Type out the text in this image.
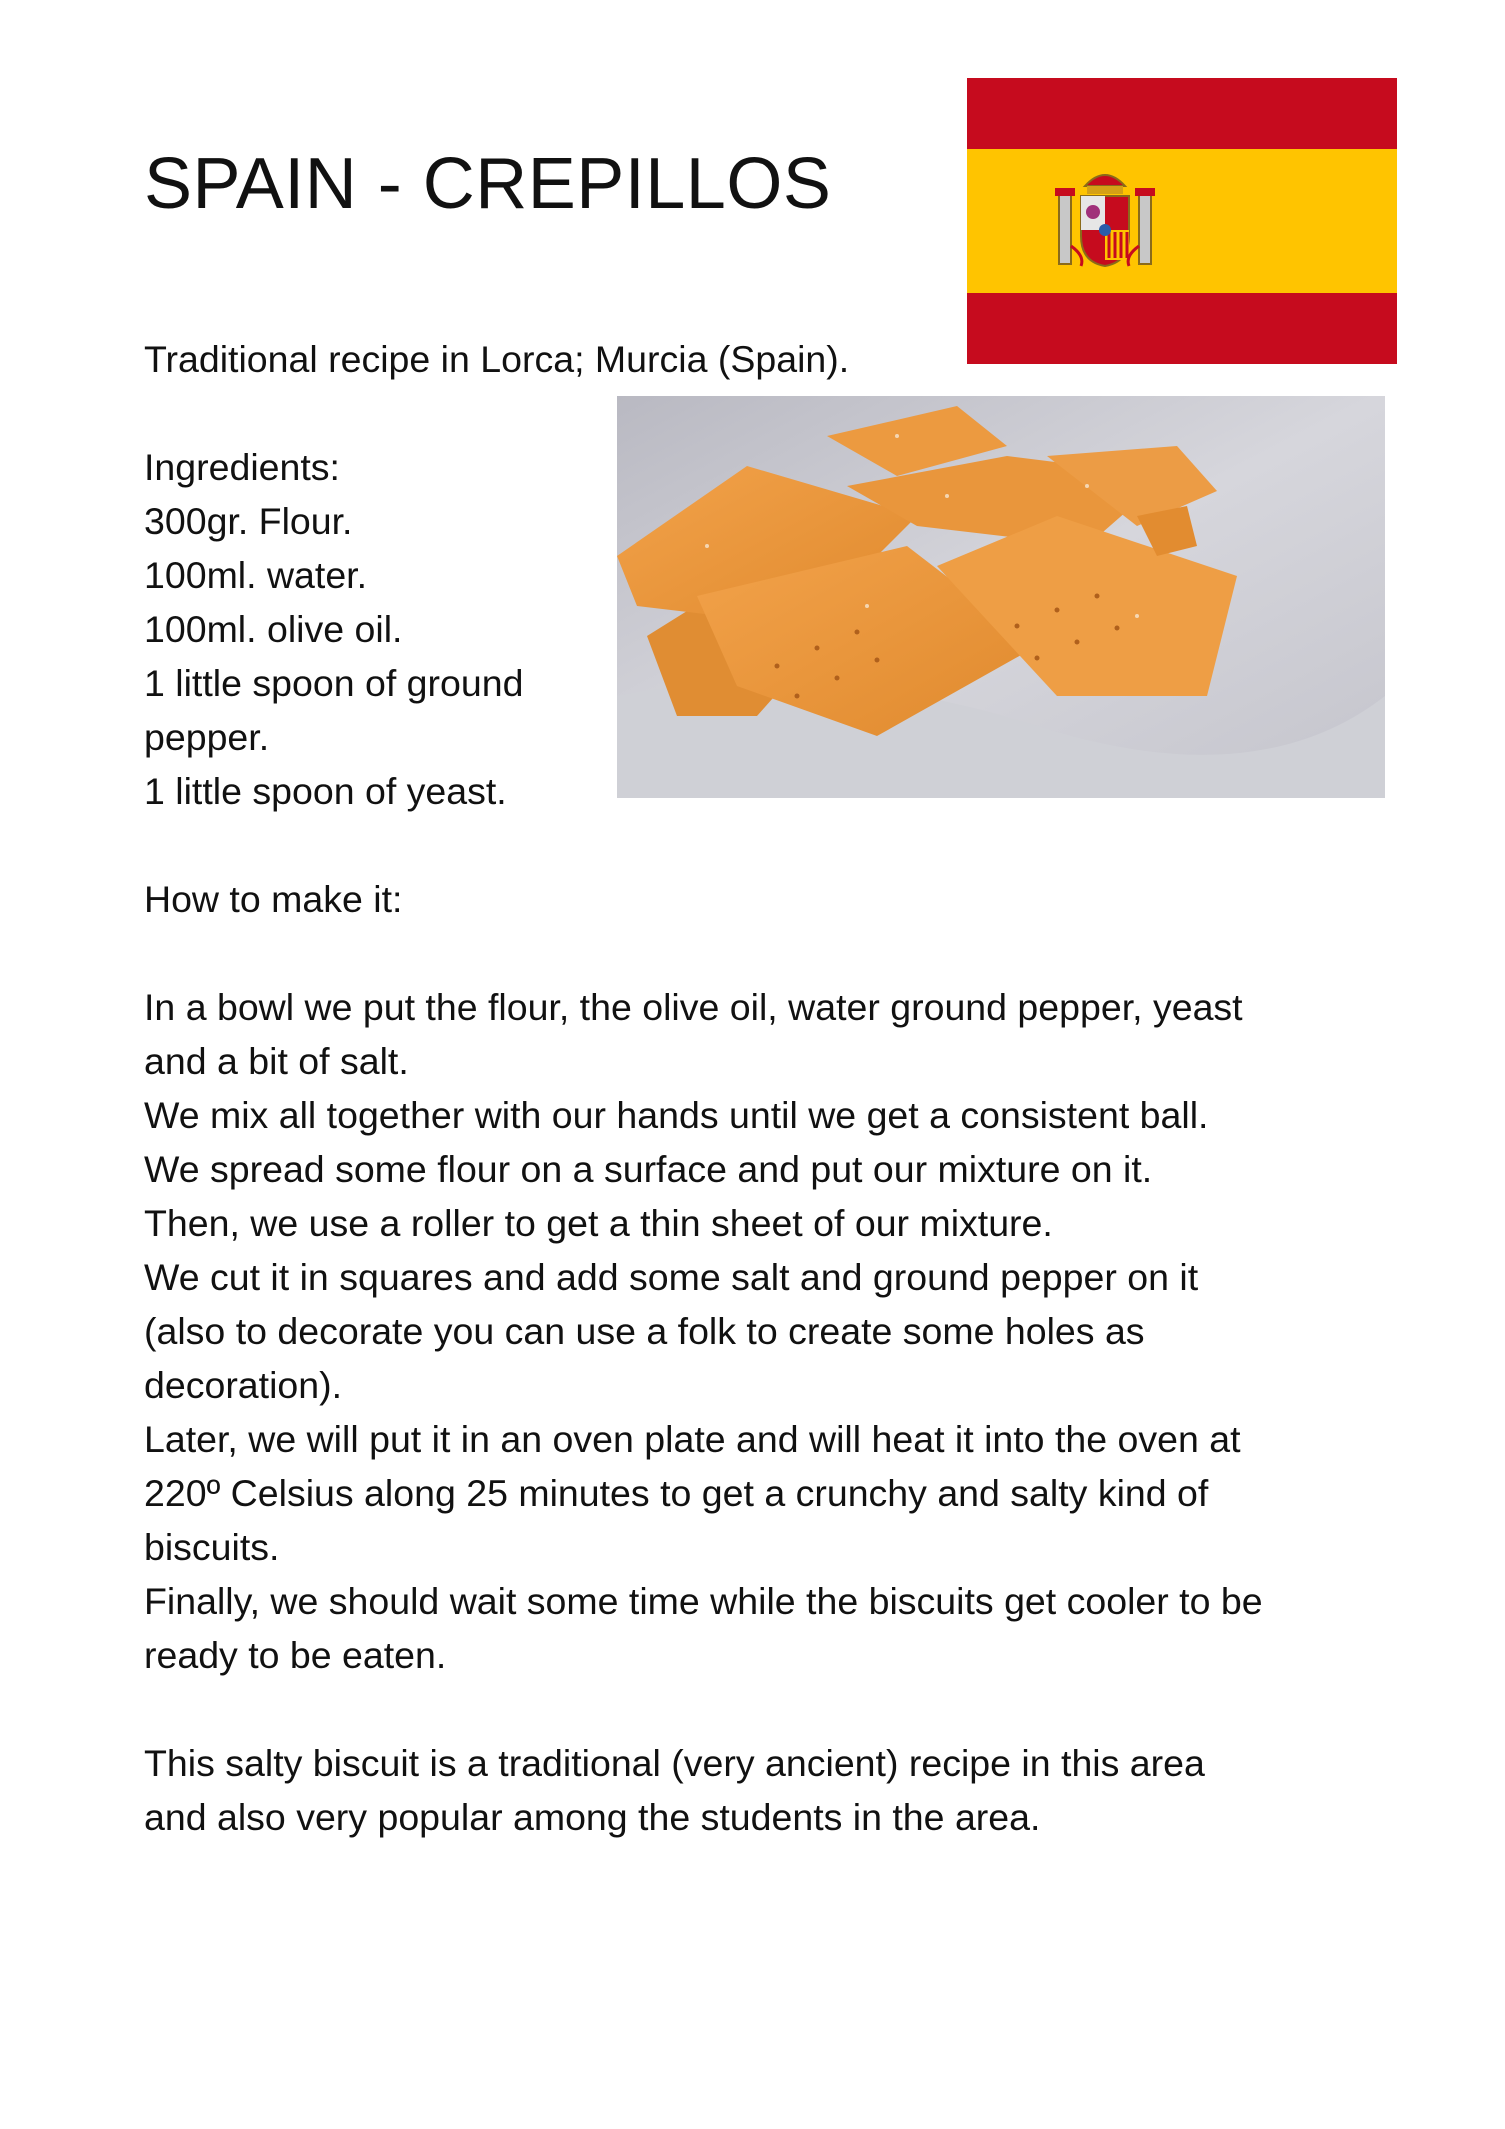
SPAIN - CREPILLOS

Traditional recipe in Lorca; Murcia (Spain).

Ingredients:
300gr. Flour.
100ml. water.
100ml. olive oil.
1 little spoon of ground
pepper.
1 little spoon of yeast.

How to make it:

In a bowl we put the flour, the olive oil, water ground pepper, yeast
and a bit of salt.
We mix all together with our hands until we get a consistent ball.
We spread some flour on a surface and put our mixture on it.
Then, we use a roller to get a thin sheet of our mixture.
We cut it in squares and add some salt and ground pepper on it
(also to decorate you can use a folk to create some holes as
decoration).
Later, we will put it in an oven plate and will heat it into the oven at
220º Celsius along 25 minutes to get a crunchy and salty kind of
biscuits.
Finally, we should wait some time while the biscuits get cooler to be
ready to be eaten.
This salty biscuit is a traditional (very ancient) recipe in this area
and also very popular among the students in the area.
